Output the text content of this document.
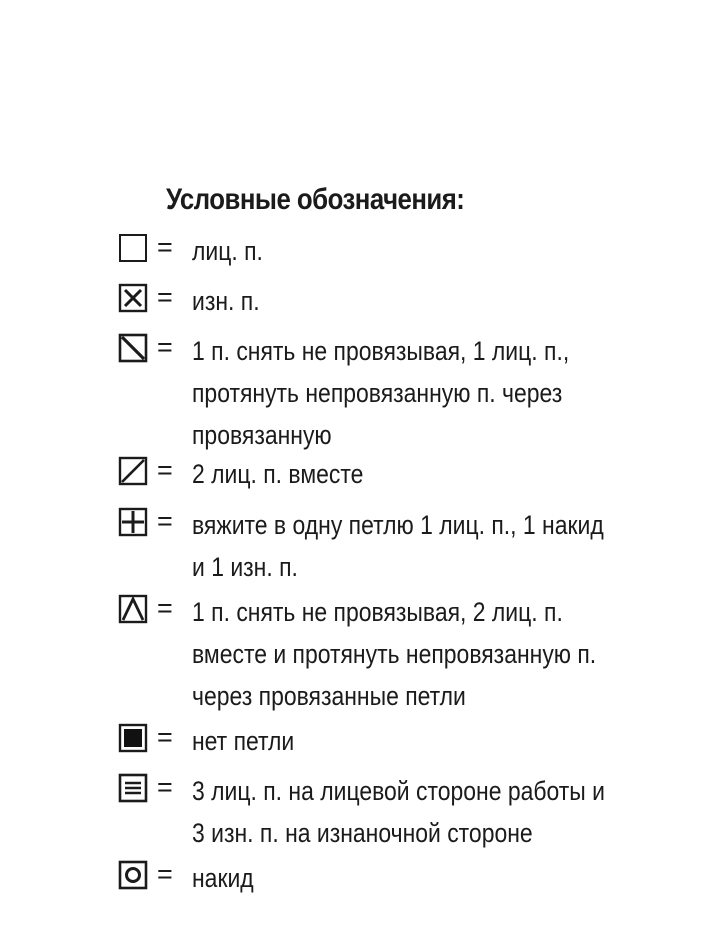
Условные обозначения:
= лиц. п.
= изн. п.
= 1 п. снять не провязывая, 1 лиц. п.,
протянуть непровязанную п. через
провязанную
= 2 лиц. п. вместе
= вяжите в одну петлю 1 лиц. п., 1 накид
и 1 изн. п.
= 1 п. снять не провязывая, 2 лиц. п.
вместе и протянуть непровязанную п.
через провязанные петли
= нет петли
= 3 лиц. п. на лицевой стороне работы и
3 изн. п. на изнаночной стороне
= накид
